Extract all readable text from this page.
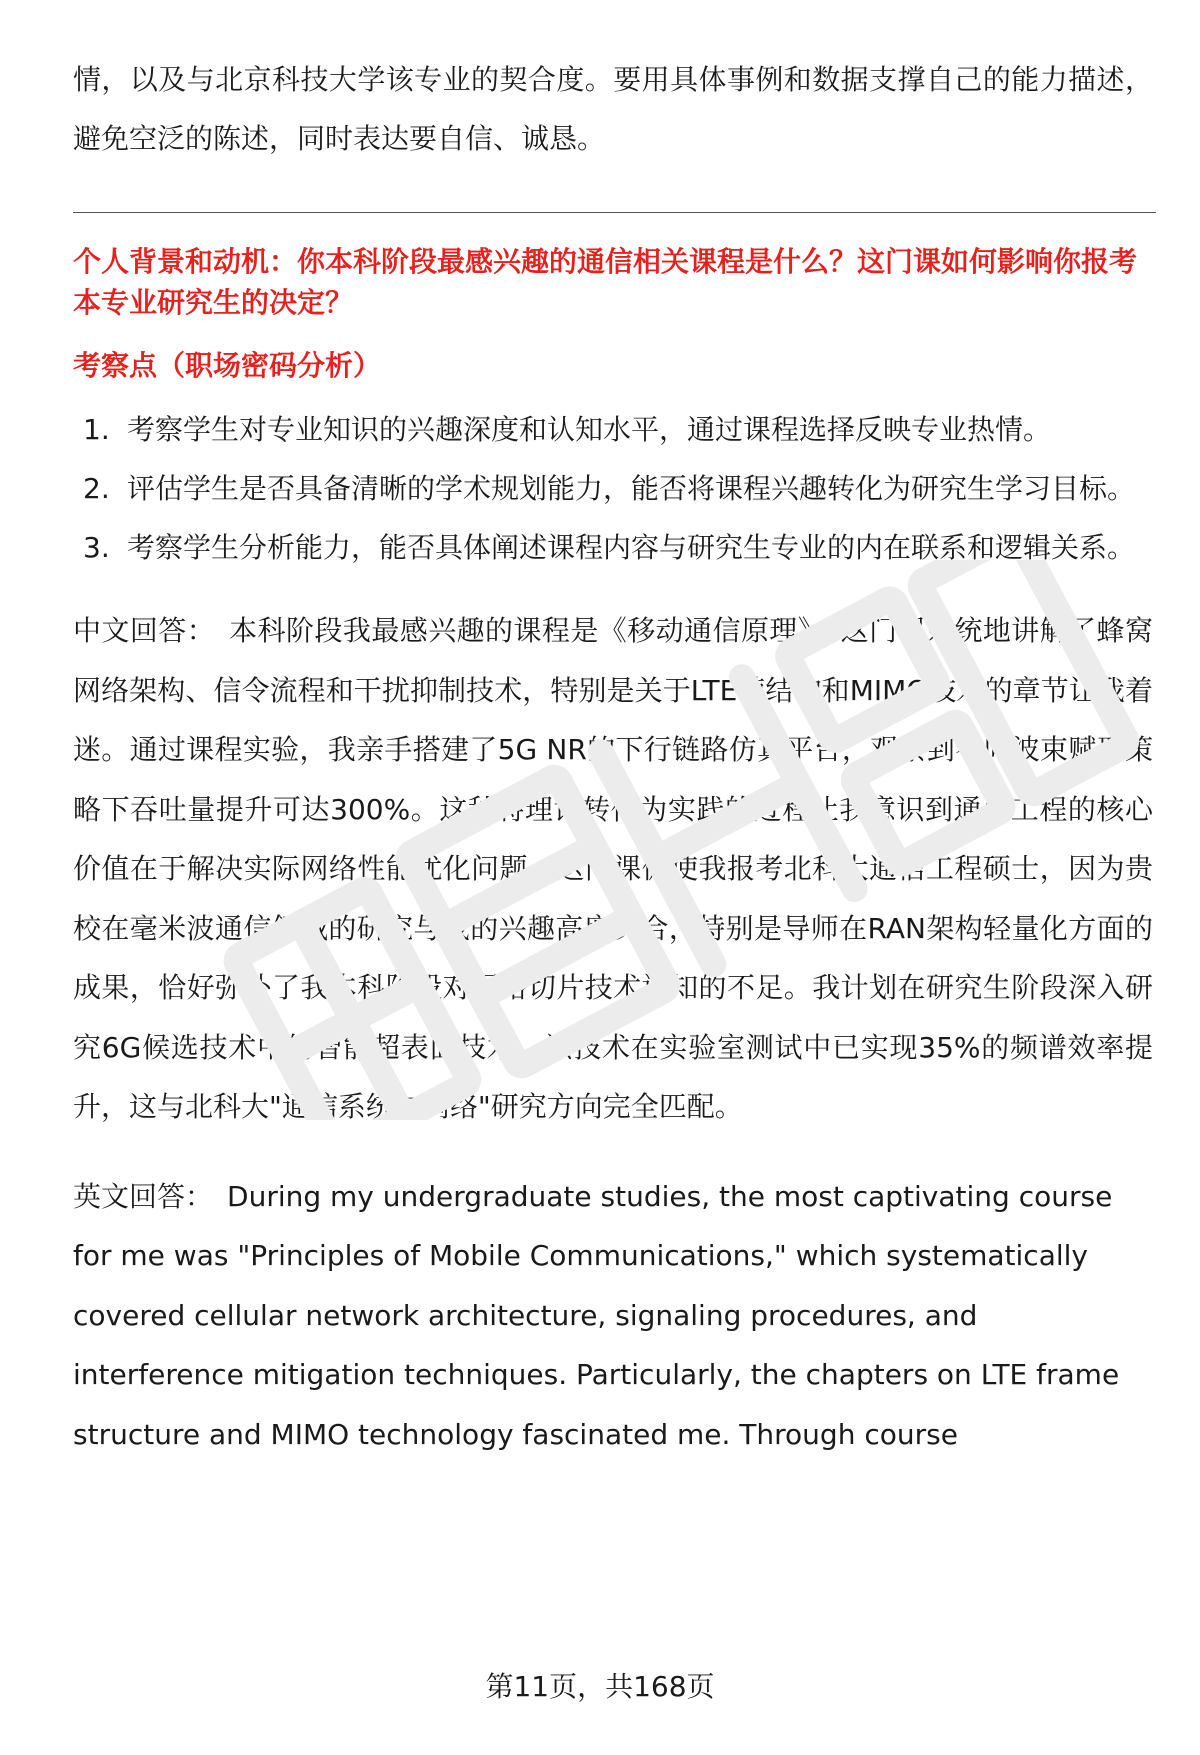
情，以及与北京科技大学该专业的契合度。要用具体事例和数据支撑自己的能力描述，避免空泛的陈述，同时表达要自信、诚恳。

个人背景和动机：你本科阶段最感兴趣的通信相关课程是什么？这门课如何影响你报考本专业研究生的决定？

考察点（职场密码分析）

1. 考察学生对专业知识的兴趣深度和认知水平，通过课程选择反映专业热情。
2. 评估学生是否具备清晰的学术规划能力，能否将课程兴趣转化为研究生学习目标。
3. 考察学生分析能力，能否具体阐述课程内容与研究生专业的内在联系和逻辑关系。

中文回答： 本科阶段我最感兴趣的课程是《移动通信原理》，这门课系统地讲解了蜂窝网络架构、信令流程和干扰抑制技术，特别是关于LTE帧结构和MIMO技术的章节让我着迷。通过课程实验，我亲手搭建了5G NR的下行链路仿真平台，观察到不同波束赋形策略下吞吐量提升可达300%。这种将理论转化为实践的过程让我意识到通信工程的核心价值在于解决实际网络性能优化问题。这门课促使我报考北科大通信工程硕士，因为贵校在毫米波通信领域的研究与我的兴趣高度契合，特别是导师在RAN架构轻量化方面的成果，恰好弥补了我本科阶段对网络切片技术认知的不足。我计划在研究生阶段深入研究6G候选技术中的智能超表面技术，该技术在实验室测试中已实现35%的频谱效率提升，这与北科大"通信系统与网络"研究方向完全匹配。

英文回答： During my undergraduate studies, the most captivating course for me was "Principles of Mobile Communications," which systematically covered cellular network architecture, signaling procedures, and interference mitigation techniques. Particularly, the chapters on LTE frame structure and MIMO technology fascinated me. Through course

第11页，共168页
